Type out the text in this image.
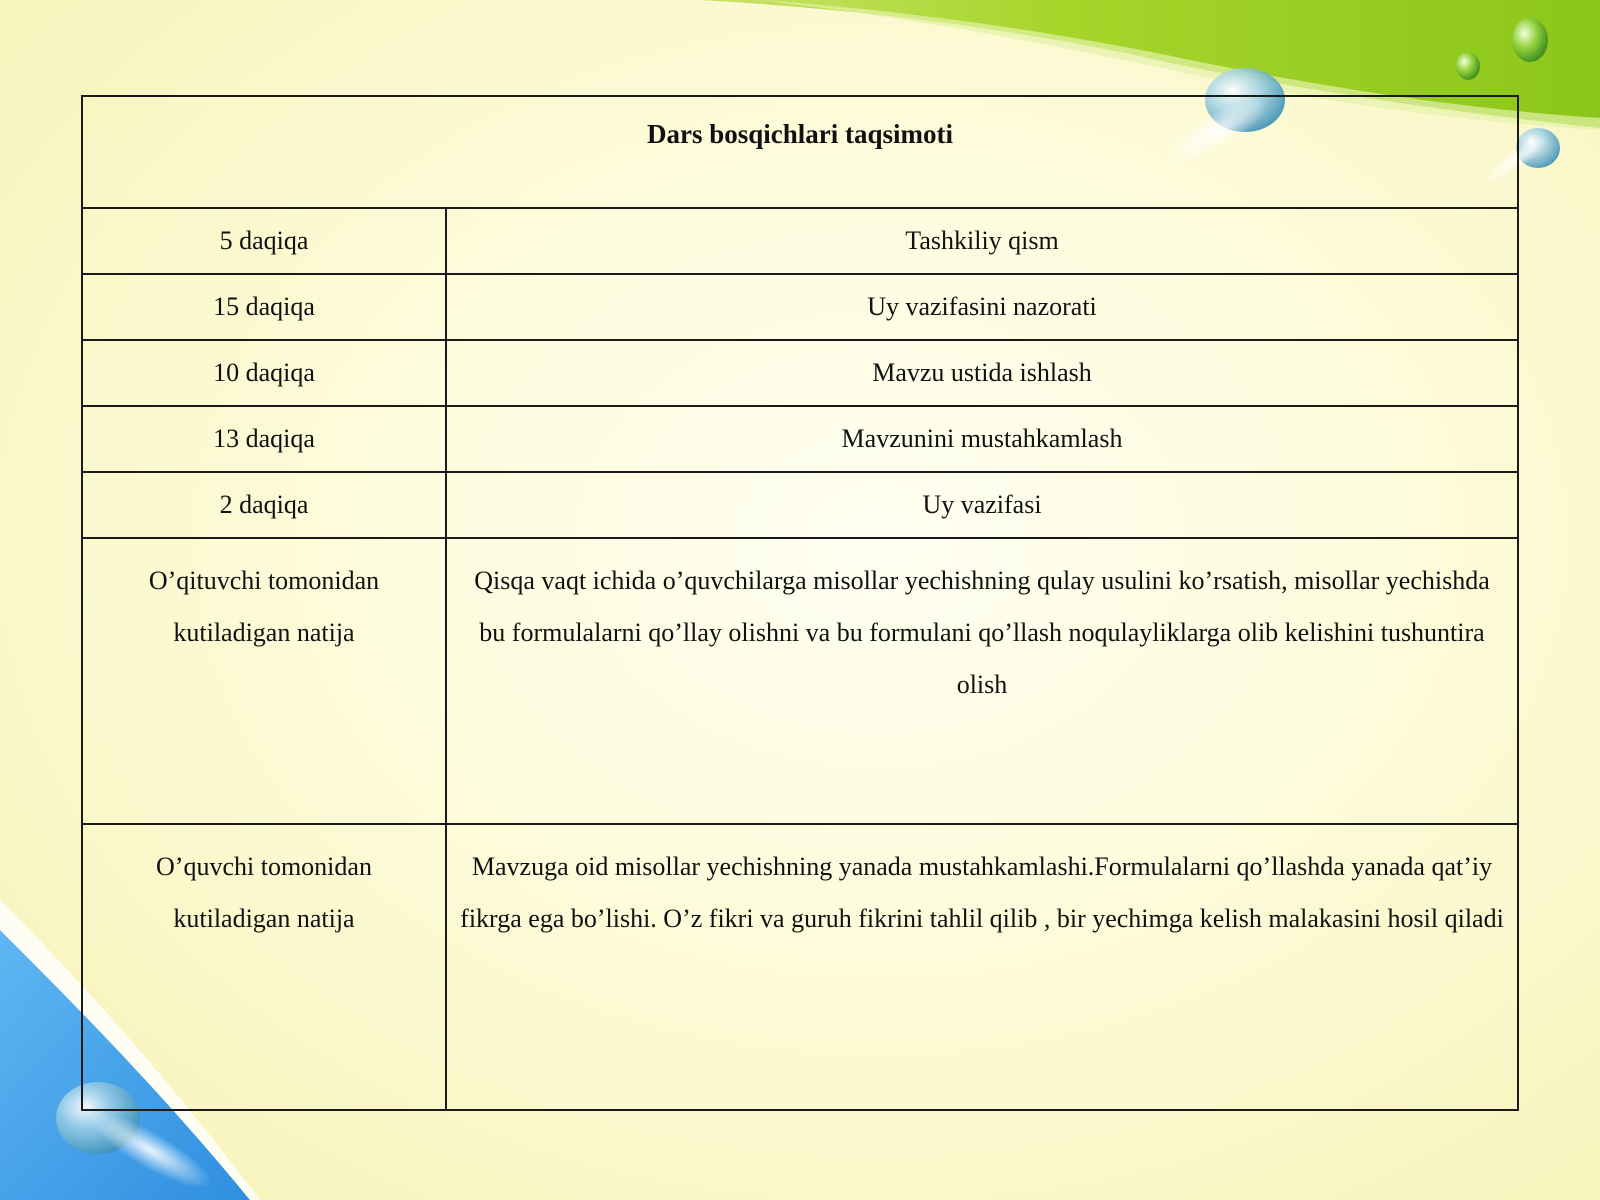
Dars bosqichlari taqsimoti	
5 daqiqa	Tashkiliy qism
15 daqiqa	Uy vazifasini nazorati
10 daqiqa	Mavzu ustida ishlash
13 daqiqa	Mavzunini mustahkamlash
2 daqiqa	Uy vazifasi
O’qituvchi tomonidan kutiladigan natija	Qisqa vaqt ichida o’quvchilarga misollar yechishning qulay usulini ko’rsatish, misollar yechishda bu formulalarni qo’llay olishni va bu formulani qo’llash noqulayliklarga olib kelishini tushuntira olish
O’quvchi tomonidan kutiladigan natija	Mavzuga oid misollar yechishning yanada mustahkamlashi.Formulalarni qo’llashda yanada qat’iy fikrga ega bo’lishi. O’z fikri va guruh fikrini tahlil qilib , bir yechimga kelish malakasini hosil qiladi
